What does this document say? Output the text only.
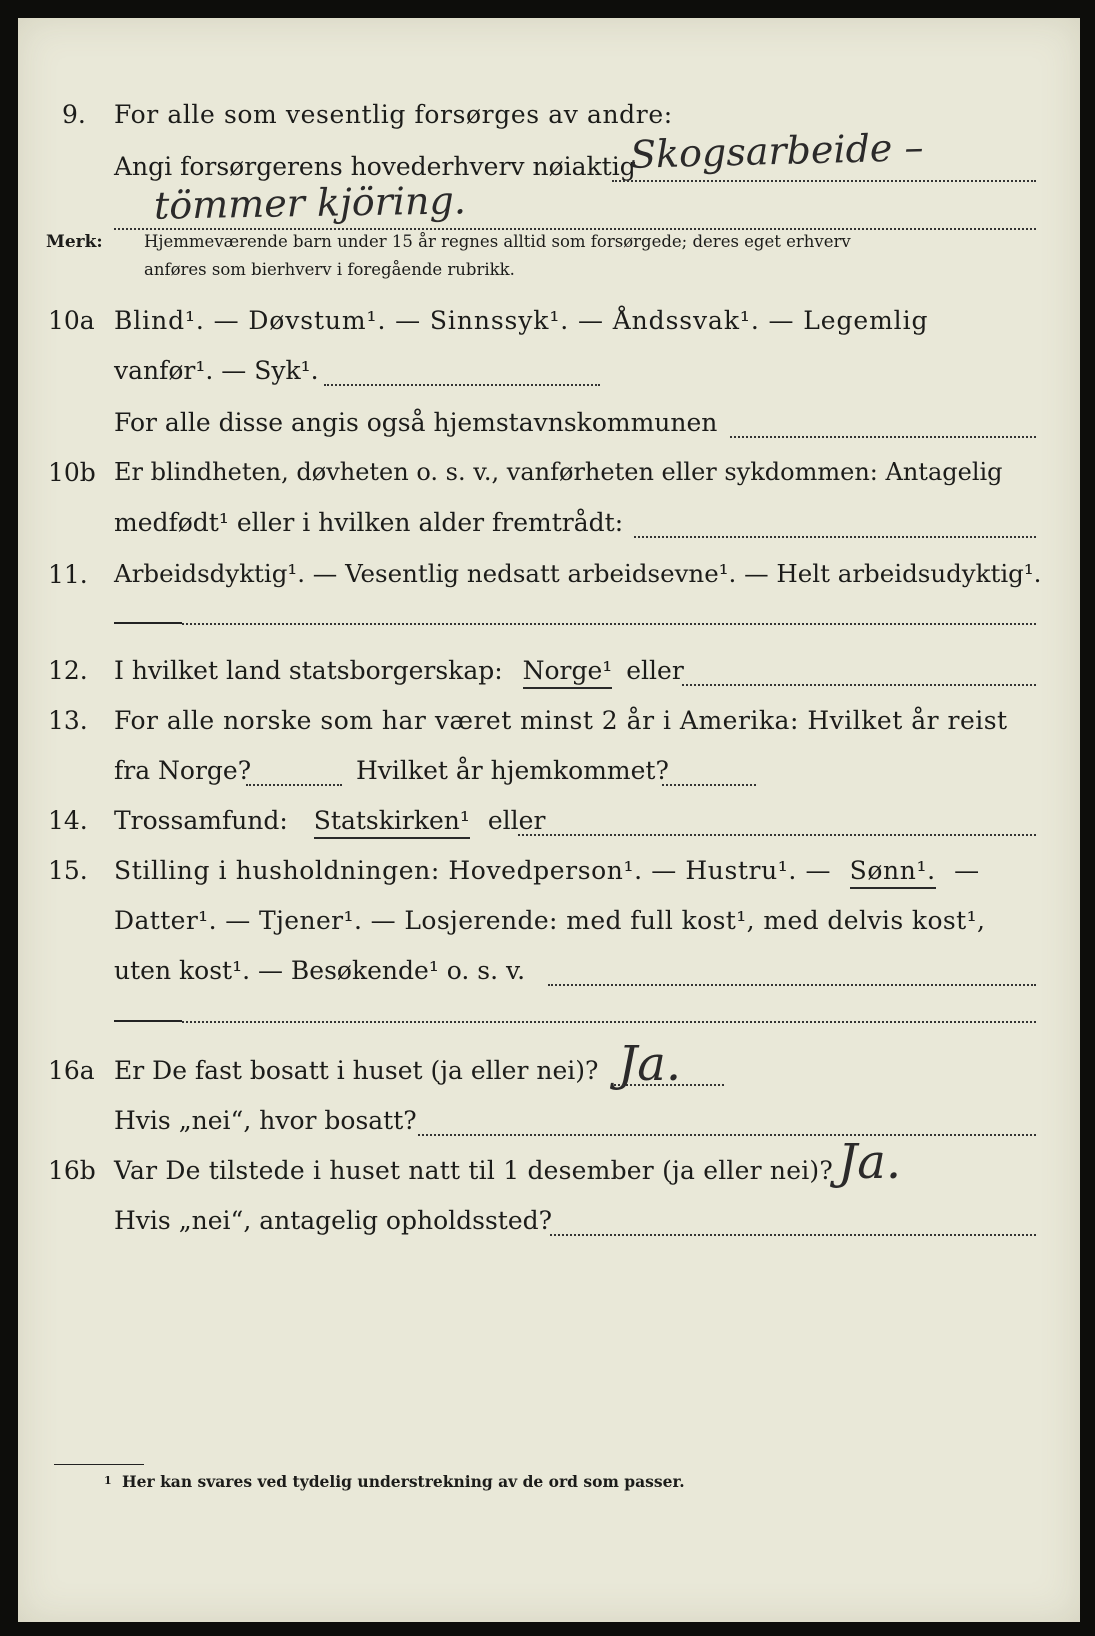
9. For alle som vesentlig forsørges av andre:
Angi forsørgerens hovederhverv nøiaktig
Skogsarbeide –
tömmer kjöring.
Merk:	Hjemmeværende barn under 15 år regnes alltid som forsørgede; deres eget erhverv
anføres som bierhverv i foregående rubrikk.
10a Blind¹. — Døvstum¹. — Sinnssyk¹. — Åndssvak¹. — Legemlig
vanfør¹. — Syk¹.
For alle disse angis også hjemstavnskommunen
10b Er blindheten, døvheten o. s. v., vanførheten eller sykdommen: Antagelig
medfødt¹ eller i hvilken alder fremtrådt:
11. Arbeidsdyktig¹. — Vesentlig nedsatt arbeidsevne¹. — Helt arbeidsudyktig¹.
12. I hvilket land statsborgerskap: Norge¹ eller
13. For alle norske som har været minst 2 år i Amerika: Hvilket år reist
fra Norge?	Hvilket år hjemkommet?
14. Trossamfund: Statskirken¹ eller
15. Stilling i husholdningen: Hovedperson¹. — Hustru¹. — Sønn¹. —
Datter¹. — Tjener¹. — Losjerende: med full kost¹, med delvis kost¹,
uten kost¹. — Besøkende¹ o. s. v.
16a Er De fast bosatt i huset (ja eller nei)? Ja.
Hvis „nei“, hvor bosatt?
16b Var De tilstede i huset natt til 1 desember (ja eller nei)? Ja.
Hvis „nei“, antagelig opholdssted?
1 Her kan svares ved tydelig understrekning av de ord som passer.
